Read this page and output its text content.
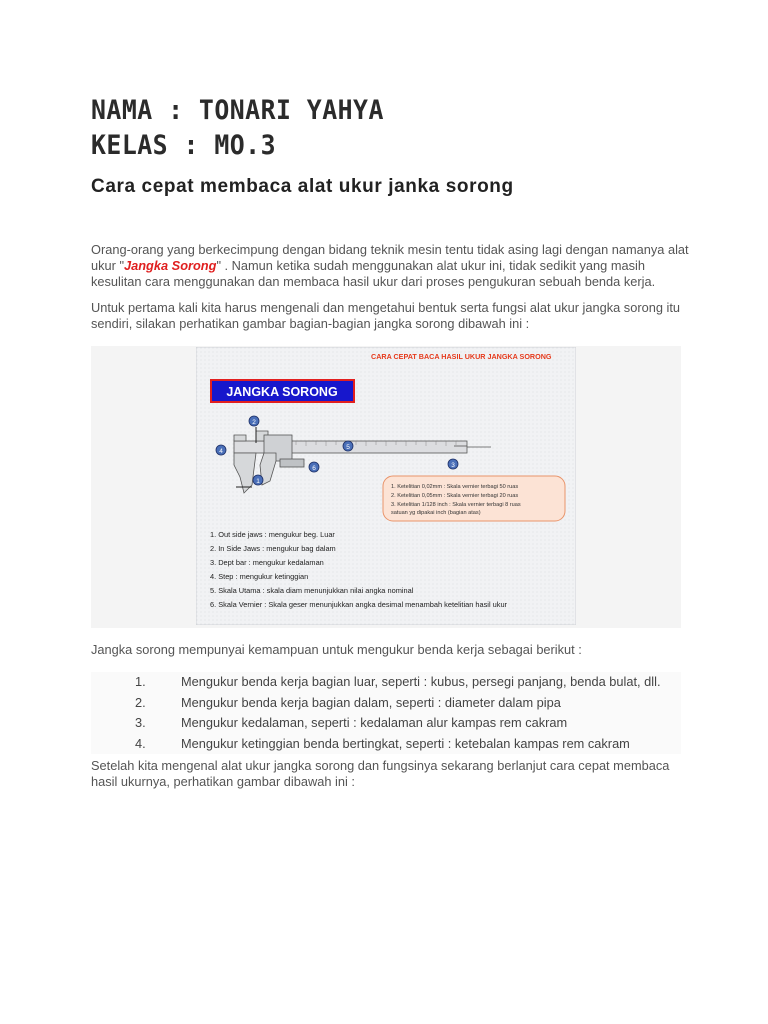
NAMA : TONARI YAHYA
KELAS : MO.3
Cara cepat membaca alat ukur janka sorong

Orang-orang yang berkecimpung dengan bidang teknik mesin tentu tidak asing lagi dengan namanya alat ukur "Jangka Sorong" . Namun ketika sudah menggunakan alat ukur ini, tidak sedikit yang masih kesulitan cara menggunakan dan membaca hasil ukur dari proses pengukuran sebuah benda kerja.

Untuk pertama kali kita harus mengenali dan mengetahui bentuk serta fungsi alat ukur jangka sorong itu sendiri, silakan perhatikan gambar bagian-bagian jangka sorong dibawah ini :

CARA CEPAT BACA HASIL UKUR JANGKA SORONG
JANGKA SORONG
2
4
5
6	3
1
1. Ketelitian 0,02mm : Skala vernier terbagi 50 ruas
2. Ketelitian 0,05mm : Skala vernier terbagi 20 ruas
3. Ketelitian 1/128 inch : Skala vernier terbagi 8 ruas
satuan yg dipakai inch (bagian atas)
1. Out side jaws : mengukur beg. Luar
2. In Side Jaws : mengukur bag dalam
3. Dept bar : mengukur kedalaman
4. Step : mengukur ketinggian
5. Skala Utama : skala diam menunjukkan nilai angka nominal
6. Skala Vernier : Skala geser menunjukkan angka desimal menambah ketelitian hasil ukur

Jangka sorong mempunyai kemampuan untuk mengukur benda kerja sebagai berikut :

1.	Mengukur benda kerja bagian luar, seperti : kubus, persegi panjang, benda bulat, dll.
2.	Mengukur benda kerja bagian dalam, seperti : diameter dalam pipa
3.	Mengukur kedalaman, seperti : kedalaman alur kampas rem cakram
4.	Mengukur ketinggian benda bertingkat, seperti : ketebalan kampas rem cakram

Setelah kita mengenal alat ukur jangka sorong dan fungsinya sekarang berlanjut cara cepat membaca hasil ukurnya, perhatikan gambar dibawah ini :
